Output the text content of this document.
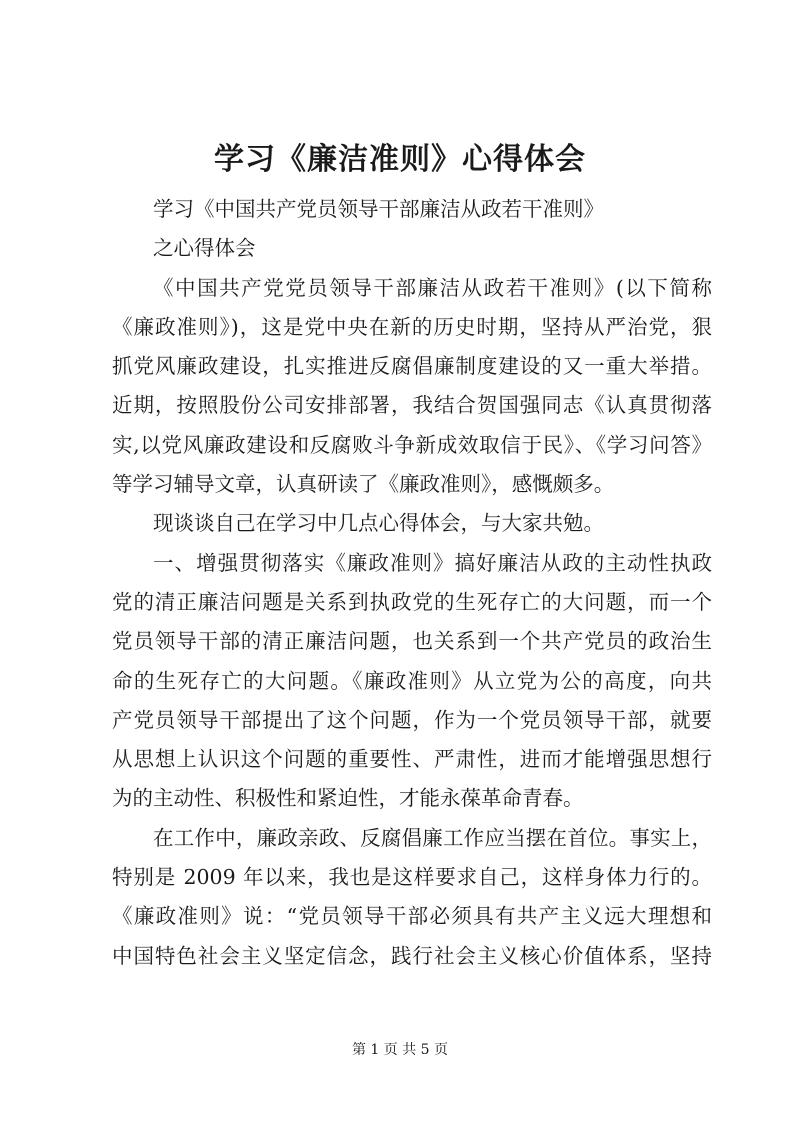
学习《廉洁准则》心得体会
学习《中国共产党员领导干部廉洁从政若干准则》
之心得体会
《中国共产党党员领导干部廉洁从政若干准则》(以下简称
《廉政准则》)，这是党中央在新的历史时期，坚持从严治党，狠
抓党风廉政建设，扎实推进反腐倡廉制度建设的又一重大举措。
近期，按照股份公司安排部署，我结合贺国强同志《认真贯彻落
实,以党风廉政建设和反腐败斗争新成效取信于民》、《学习问答》
等学习辅导文章，认真研读了《廉政准则》，感慨颇多。
现谈谈自己在学习中几点心得体会，与大家共勉。
一、增强贯彻落实《廉政准则》搞好廉洁从政的主动性执政
党的清正廉洁问题是关系到执政党的生死存亡的大问题，而一个
党员领导干部的清正廉洁问题，也关系到一个共产党员的政治生
命的生死存亡的大问题。《廉政准则》从立党为公的高度，向共
产党员领导干部提出了这个问题，作为一个党员领导干部，就要
从思想上认识这个问题的重要性、严肃性，进而才能增强思想行
为的主动性、积极性和紧迫性，才能永葆革命青春。
在工作中，廉政亲政、反腐倡廉工作应当摆在首位。事实上，
特别是 2009 年以来，我也是这样要求自己，这样身体力行的。
《廉政准则》说：“党员领导干部必须具有共产主义远大理想和
中国特色社会主义坚定信念，践行社会主义核心价值体系，坚持
第 1 页 共 5 页
